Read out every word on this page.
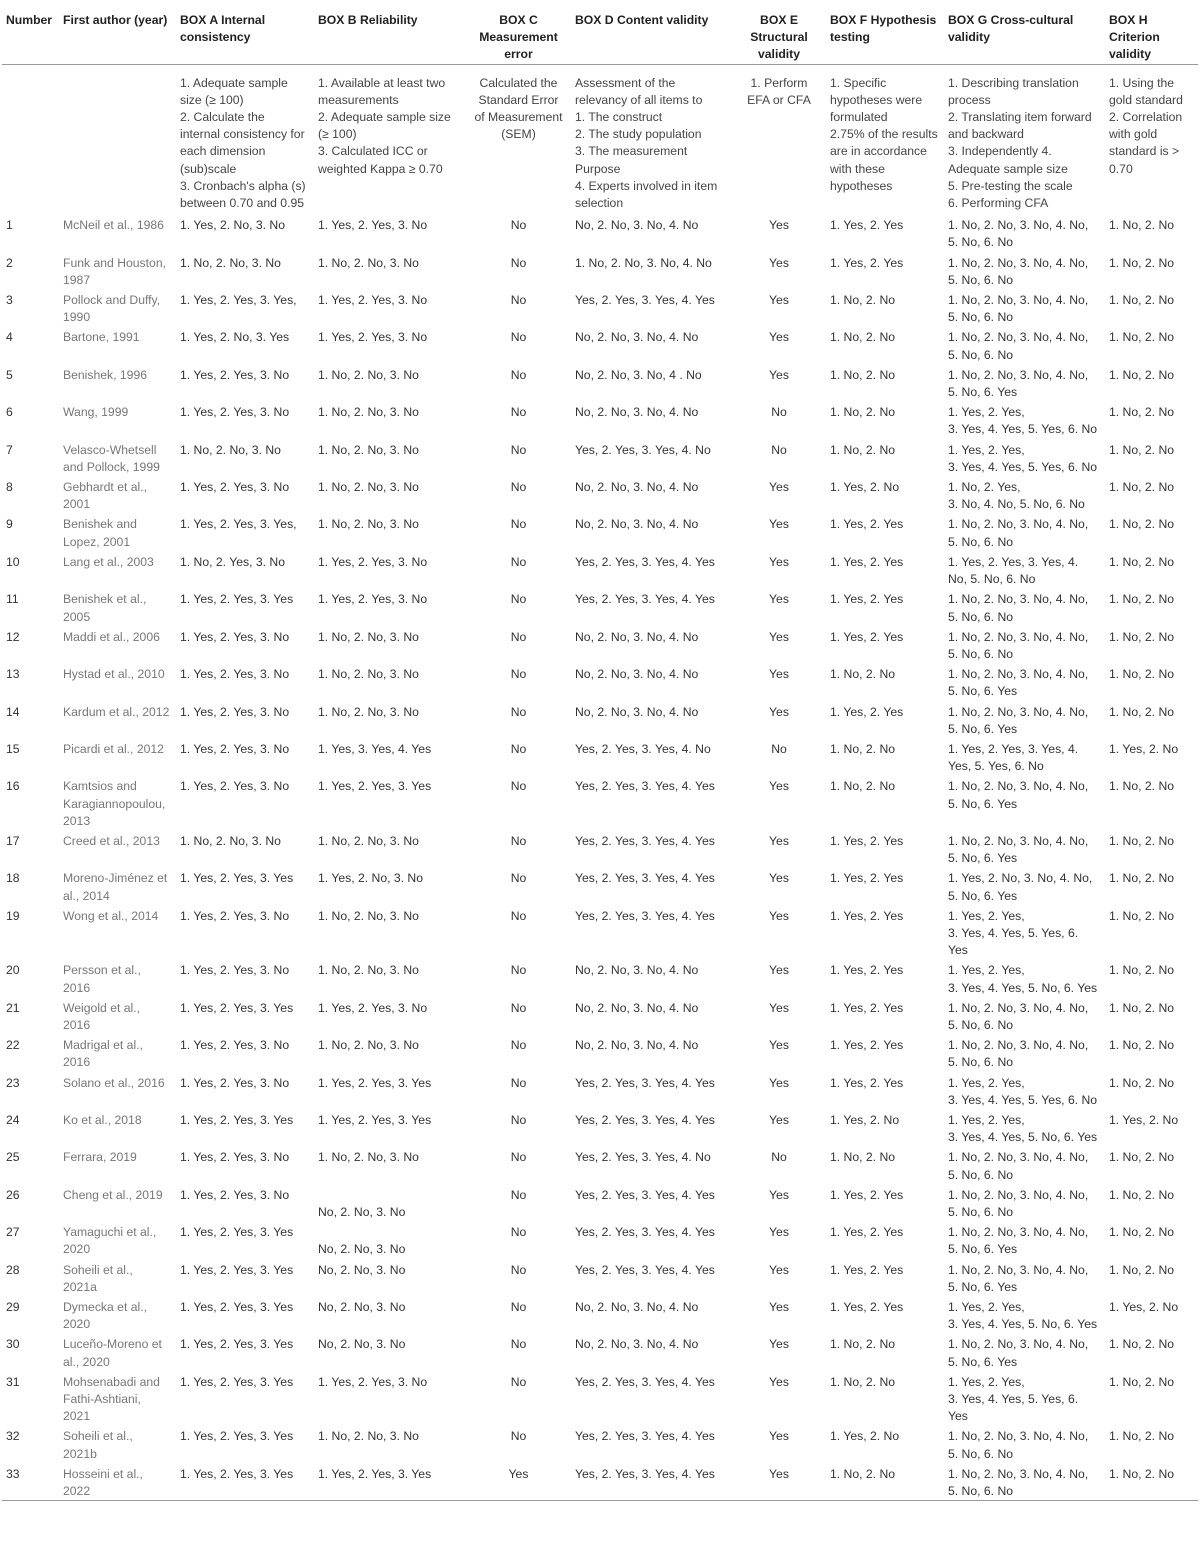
Number	First author (year)	BOX A Internal consistency	BOX B Reliability	BOX C Measurement error	BOX D Content validity	BOX E Structural validity	BOX F Hypothesis testing	BOX G Cross-cultural validity	BOX H Criterion validity
		1. Adequate sample size (≥ 100)
2. Calculate the internal consistency for each dimension (sub)scale
3. Cronbach's alpha (s) between 0.70 and 0.95	1. Available at least two measurements
2. Adequate sample size (≥ 100)
3. Calculated ICC or weighted Kappa ≥ 0.70	Calculated the Standard Error of Measurement (SEM)	Assessment of the relevancy of all items to
1. The construct
2. The study population
3. The measurement Purpose
4. Experts involved in item selection	1. Perform EFA or CFA	1. Specific hypotheses were formulated
2.75% of the results are in accordance with these hypotheses	1. Describing translation process
2. Translating item forward and backward
3. Independently 4. Adequate sample size
5. Pre-testing the scale
6. Performing CFA	1. Using the gold standard
2. Correlation with gold standard is > 0.70
1	McNeil et al., 1986	1. Yes, 2. No, 3. No	1. Yes, 2. Yes, 3. No	No	No, 2. No, 3. No, 4. No	Yes	1. Yes, 2. Yes	1. No, 2. No, 3. No, 4. No, 5. No, 6. No	1. No, 2. No
2	Funk and Houston, 1987	1. No, 2. No, 3. No	1. No, 2. No, 3. No	No	1. No, 2. No, 3. No, 4. No	Yes	1. Yes, 2. Yes	1. No, 2. No, 3. No, 4. No, 5. No, 6. No	1. No, 2. No
3	Pollock and Duffy, 1990	1. Yes, 2. Yes, 3. Yes,	1. Yes, 2. Yes, 3. No	No	Yes, 2. Yes, 3. Yes, 4. Yes	Yes	1. No, 2. No	1. No, 2. No, 3. No, 4. No, 5. No, 6. No	1. No, 2. No
4	Bartone, 1991	1. Yes, 2. No, 3. Yes	1. Yes, 2. Yes, 3. No	No	No, 2. No, 3. No, 4. No	Yes	1. No, 2. No	1. No, 2. No, 3. No, 4. No, 5. No, 6. No	1. No, 2. No
5	Benishek, 1996	1. Yes, 2. Yes, 3. No	1. No, 2. No, 3. No	No	No, 2. No, 3. No, 4 . No	Yes	1. No, 2. No	1. No, 2. No, 3. No, 4. No, 5. No, 6. Yes	1. No, 2. No
6	Wang, 1999	1. Yes, 2. Yes, 3. No	1. No, 2. No, 3. No	No	No, 2. No, 3. No, 4. No	No	1. No, 2. No	1. Yes, 2. Yes,
3. Yes, 4. Yes, 5. Yes, 6. No	1. No, 2. No
7	Velasco-Whetsell and Pollock, 1999	1. No, 2. No, 3. No	1. No, 2. No, 3. No	No	Yes, 2. Yes, 3. Yes, 4. No	No	1. No, 2. No	1. Yes, 2. Yes,
3. Yes, 4. Yes, 5. Yes, 6. No	1. No, 2. No
8	Gebhardt et al., 2001	1. Yes, 2. Yes, 3. No	1. No, 2. No, 3. No	No	No, 2. No, 3. No, 4. No	Yes	1. Yes, 2. No	1. No, 2. Yes,
3. No, 4. No, 5. No, 6. No	1. No, 2. No
9	Benishek and Lopez, 2001	1. Yes, 2. Yes, 3. Yes,	1. No, 2. No, 3. No	No	No, 2. No, 3. No, 4. No	Yes	1. Yes, 2. Yes	1. No, 2. No, 3. No, 4. No, 5. No, 6. No	1. No, 2. No
10	Lang et al., 2003	1. No, 2. Yes, 3. No	1. Yes, 2. Yes, 3. No	No	Yes, 2. Yes, 3. Yes, 4. Yes	Yes	1. Yes, 2. Yes	1. Yes, 2. Yes, 3. Yes, 4. No, 5. No, 6. No	1. No, 2. No
11	Benishek et al., 2005	1. Yes, 2. Yes, 3. Yes	1. Yes, 2. Yes, 3. No	No	Yes, 2. Yes, 3. Yes, 4. Yes	Yes	1. Yes, 2. Yes	1. No, 2. No, 3. No, 4. No, 5. No, 6. No	1. No, 2. No
12	Maddi et al., 2006	1. Yes, 2. Yes, 3. No	1. No, 2. No, 3. No	No	No, 2. No, 3. No, 4. No	Yes	1. Yes, 2. Yes	1. No, 2. No, 3. No, 4. No, 5. No, 6. No	1. No, 2. No
13	Hystad et al., 2010	1. Yes, 2. Yes, 3. No	1. No, 2. No, 3. No	No	No, 2. No, 3. No, 4. No	Yes	1. No, 2. No	1. No, 2. No, 3. No, 4. No, 5. No, 6. Yes	1. No, 2. No
14	Kardum et al., 2012	1. Yes, 2. Yes, 3. No	1. No, 2. No, 3. No	No	No, 2. No, 3. No, 4. No	Yes	1. Yes, 2. Yes	1. No, 2. No, 3. No, 4. No, 5. No, 6. Yes	1. No, 2. No
15	Picardi et al., 2012	1. Yes, 2. Yes, 3. No	1. Yes, 3. Yes, 4. Yes	No	Yes, 2. Yes, 3. Yes, 4. No	No	1. No, 2. No	1. Yes, 2. Yes, 3. Yes, 4. Yes, 5. Yes, 6. No	1. Yes, 2. No
16	Kamtsios and Karagiannopoulou, 2013	1. Yes, 2. Yes, 3. No	1. Yes, 2. Yes, 3. Yes	No	Yes, 2. Yes, 3. Yes, 4. Yes	Yes	1. No, 2. No	1. No, 2. No, 3. No, 4. No, 5. No, 6. Yes	1. No, 2. No
17	Creed et al., 2013	1. No, 2. No, 3. No	1. No, 2. No, 3. No	No	Yes, 2. Yes, 3. Yes, 4. Yes	Yes	1. Yes, 2. Yes	1. No, 2. No, 3. No, 4. No, 5. No, 6. Yes	1. No, 2. No
18	Moreno-Jiménez et al., 2014	1. Yes, 2. Yes, 3. Yes	1. Yes, 2. No, 3. No	No	Yes, 2. Yes, 3. Yes, 4. Yes	Yes	1. Yes, 2. Yes	1. Yes, 2. No, 3. No, 4. No, 5. No, 6. Yes	1. No, 2. No
19	Wong et al., 2014	1. Yes, 2. Yes, 3. No	1. No, 2. No, 3. No	No	Yes, 2. Yes, 3. Yes, 4. Yes	Yes	1. Yes, 2. Yes	1. Yes, 2. Yes,
3. Yes, 4. Yes, 5. Yes, 6. Yes	1. No, 2. No
20	Persson et al., 2016	1. Yes, 2. Yes, 3. No	1. No, 2. No, 3. No	No	No, 2. No, 3. No, 4. No	Yes	1. Yes, 2. Yes	1. Yes, 2. Yes,
3. Yes, 4. Yes, 5. No, 6. Yes	1. No, 2. No
21	Weigold et al., 2016	1. Yes, 2. Yes, 3. Yes	1. Yes, 2. Yes, 3. No	No	No, 2. No, 3. No, 4. No	Yes	1. Yes, 2. Yes	1. No, 2. No, 3. No, 4. No, 5. No, 6. No	1. No, 2. No
22	Madrigal et al., 2016	1. Yes, 2. Yes, 3. No	1. No, 2. No, 3. No	No	No, 2. No, 3. No, 4. No	Yes	1. Yes, 2. Yes	1. No, 2. No, 3. No, 4. No, 5. No, 6. No	1. No, 2. No
23	Solano et al., 2016	1. Yes, 2. Yes, 3. No	1. Yes, 2. Yes, 3. Yes	No	Yes, 2. Yes, 3. Yes, 4. Yes	Yes	1. Yes, 2. Yes	1. Yes, 2. Yes,
3. Yes, 4. Yes, 5. Yes, 6. No	1. No, 2. No
24	Ko et al., 2018	1. Yes, 2. Yes, 3. Yes	1. Yes, 2. Yes, 3. Yes	No	Yes, 2. Yes, 3. Yes, 4. Yes	Yes	1. Yes, 2. No	1. Yes, 2. Yes,
3. Yes, 4. Yes, 5. No, 6. Yes	1. Yes, 2. No
25	Ferrara, 2019	1. Yes, 2. Yes, 3. No	1. No, 2. No, 3. No	No	Yes, 2. Yes, 3. Yes, 4. No	No	1. No, 2. No	1. No, 2. No, 3. No, 4. No, 5. No, 6. No	1. No, 2. No
26	Cheng et al., 2019	1. Yes, 2. Yes, 3. No	No, 2. No, 3. No	No	Yes, 2. Yes, 3. Yes, 4. Yes	Yes	1. Yes, 2. Yes	1. No, 2. No, 3. No, 4. No, 5. No, 6. No	1. No, 2. No
27	Yamaguchi et al., 2020	1. Yes, 2. Yes, 3. Yes	No, 2. No, 3. No	No	Yes, 2. Yes, 3. Yes, 4. Yes	Yes	1. Yes, 2. Yes	1. No, 2. No, 3. No, 4. No, 5. No, 6. Yes	1. No, 2. No
28	Soheili et al., 2021a	1. Yes, 2. Yes, 3. Yes	No, 2. No, 3. No	No	Yes, 2. Yes, 3. Yes, 4. Yes	Yes	1. Yes, 2. Yes	1. No, 2. No, 3. No, 4. No, 5. No, 6. Yes	1. No, 2. No
29	Dymecka et al., 2020	1. Yes, 2. Yes, 3. Yes	No, 2. No, 3. No	No	No, 2. No, 3. No, 4. No	Yes	1. Yes, 2. Yes	1. Yes, 2. Yes,
3. Yes, 4. Yes, 5. No, 6. Yes	1. Yes, 2. No
30	Luceño-Moreno et al., 2020	1. Yes, 2. Yes, 3. Yes	No, 2. No, 3. No	No	No, 2. No, 3. No, 4. No	Yes	1. No, 2. No	1. No, 2. No, 3. No, 4. No, 5. No, 6. Yes	1. No, 2. No
31	Mohsenabadi and Fathi-Ashtiani, 2021	1. Yes, 2. Yes, 3. Yes	1. Yes, 2. Yes, 3. No	No	Yes, 2. Yes, 3. Yes, 4. Yes	Yes	1. No, 2. No	1. Yes, 2. Yes,
3. Yes, 4. Yes, 5. Yes, 6. Yes	1. No, 2. No
32	Soheili et al., 2021b	1. Yes, 2. Yes, 3. Yes	1. No, 2. No, 3. No	No	Yes, 2. Yes, 3. Yes, 4. Yes	Yes	1. Yes, 2. No	1. No, 2. No, 3. No, 4. No, 5. No, 6. No	1. No, 2. No
33	Hosseini et al., 2022	1. Yes, 2. Yes, 3. Yes	1. Yes, 2. Yes, 3. Yes	Yes	Yes, 2. Yes, 3. Yes, 4. Yes	Yes	1. No, 2. No	1. No, 2. No, 3. No, 4. No, 5. No, 6. No	1. No, 2. No
